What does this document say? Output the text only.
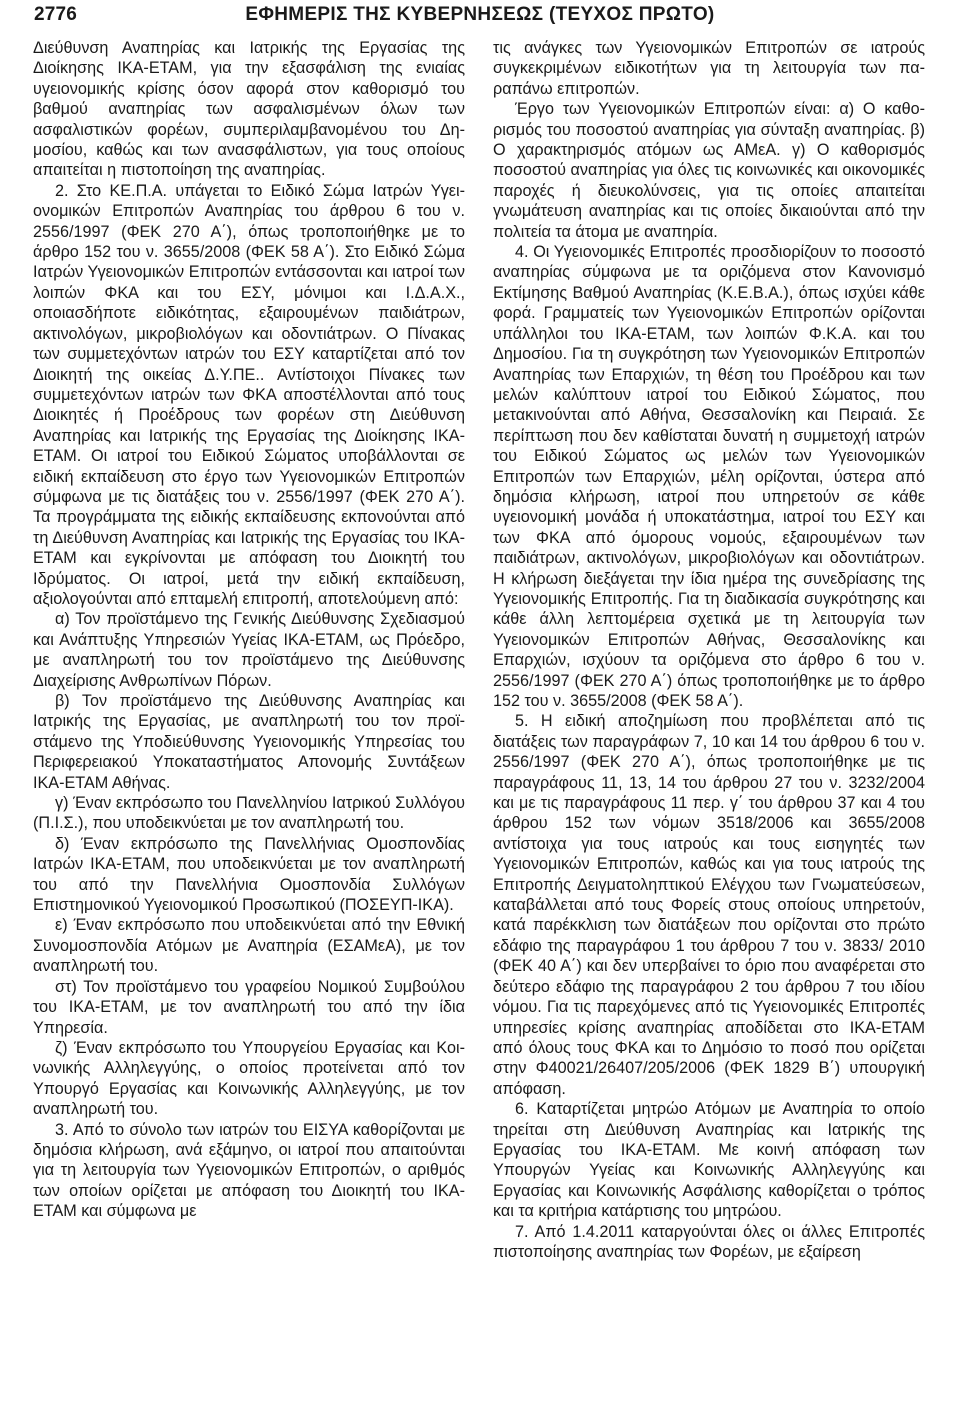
2776	ΕΦΗΜΕΡΙΣ ΤΗΣ ΚΥΒΕΡΝΗΣΕΩΣ (ΤΕΥΧΟΣ ΠΡΩΤΟ)

Διεύθυνση Αναπηρίας και Ιατρικής της Εργασίας της Διοίκησης ΙΚΑ-ΕΤΑΜ, για την εξασφάλιση της ενιαίας υγειονομικής κρίσης όσον αφορά στον καθορισμό του βαθμού αναπηρίας των ασφαλισμένων όλων των ασφαλιστικών φορέων, συμπεριλαμβανομένου του Δημοσίου, καθώς και των ανασφάλιστων, για τους οποίους απαιτείται η πιστοποίηση της αναπηρίας.

2. Στο ΚΕ.Π.Α. υπάγεται το Ειδικό Σώμα Ιατρών Υγειονομικών Επιτροπών Αναπηρίας του άρθρου 6 του ν. 2556/1997 (ΦΕΚ 270 Α΄), όπως τροποποιήθηκε με το άρθρο 152 του ν. 3655/2008 (ΦΕΚ 58 Α΄). Στο Ειδικό Σώμα Ιατρών Υγειονομικών Επιτροπών εντάσσονται και ιατροί των λοιπών ΦΚΑ και του ΕΣΥ, μόνιμοι και Ι.Δ.Α.Χ., οποιασδήποτε ειδικότητας, εξαιρουμένων παιδιάτρων, ακτινολόγων, μικροβιολόγων και οδοντιάτρων. Ο Πίνακας των συμμετεχόντων ιατρών του ΕΣΥ καταρτίζεται από τον Διοικητή της οικείας Δ.Υ.ΠΕ.. Αντίστοιχοι Πίνακες των συμμετεχόντων ιατρών των ΦΚΑ αποστέλλονται από τους Διοικητές ή Προέδρους των φορέων στη Διεύθυνση Αναπηρίας και Ιατρικής της Εργασίας της Διοίκησης ΙΚΑ-ΕΤΑΜ. Οι ιατροί του Ειδικού Σώματος υποβάλλονται σε ειδική εκπαίδευση στο έργο των Υγειονομικών Επιτροπών σύμφωνα με τις διατάξεις του ν. 2556/1997 (ΦΕΚ 270 Α΄). Τα προγράμματα της ειδικής εκπαίδευσης εκπονούνται από τη Διεύθυνση Αναπηρίας και Ιατρικής της Εργασίας του ΙΚΑ-ΕΤΑΜ και εγκρίνονται με απόφαση του Διοικητή του Ιδρύματος. Οι ιατροί, μετά την ειδική εκπαίδευση, αξιολογούνται από επταμελή επιτροπή, αποτελούμενη από:

α) Τον προϊστάμενο της Γενικής Διεύθυνσης Σχεδιασμού και Ανάπτυξης Υπηρεσιών Υγείας ΙΚΑ-ΕΤΑΜ, ως Πρόεδρο, με αναπληρωτή του τον προϊστάμενο της Διεύθυνσης Διαχείρισης Ανθρωπίνων Πόρων.

β) Τον προϊστάμενο της Διεύθυνσης Αναπηρίας και Ιατρικής της Εργασίας, με αναπληρωτή του τον προϊστάμενο της Υποδιεύθυνσης Υγειονομικής Υπηρεσίας του Περιφερειακού Υποκαταστήματος Απονομής Συντάξεων ΙΚΑ-ΕΤΑΜ Αθήνας.

γ) Έναν εκπρόσωπο του Πανελληνίου Ιατρικού Συλλόγου (Π.Ι.Σ.), που υποδεικνύεται με τον αναπληρωτή του.

δ) Έναν εκπρόσωπο της Πανελλήνιας Ομοσπονδίας Ιατρών ΙΚΑ-ΕΤΑΜ, που υποδεικνύεται με τον αναπληρωτή του από την Πανελλήνια Ομοσπονδία Συλλόγων Επιστημονικού Υγειονομικού Προσωπικού (ΠΟΣΕΥΠ-ΙΚΑ).

ε) Έναν εκπρόσωπο που υποδεικνύεται από την Εθνική Συνομοσπονδία Ατόμων με Αναπηρία (ΕΣΑΜεΑ), με τον αναπληρωτή του.

στ) Τον προϊστάμενο του γραφείου Νομικού Συμβούλου του ΙΚΑ-ΕΤΑΜ, με τον αναπληρωτή του από την ίδια Υπηρεσία.

ζ) Έναν εκπρόσωπο του Υπουργείου Εργασίας και Κοινωνικής Αλληλεγγύης, ο οποίος προτείνεται από τον Υπουργό Εργασίας και Κοινωνικής Αλληλεγγύης, με τον αναπληρωτή του.

3. Από το σύνολο των ιατρών του ΕΙΣΥΑ καθορίζονται με δημόσια κλήρωση, ανά εξάμηνο, οι ιατροί που απαιτούνται για τη λειτουργία των Υγειονομικών Επιτροπών, ο αριθμός των οποίων ορίζεται με απόφαση του Διοικητή του ΙΚΑ-ΕΤΑΜ και σύμφωνα με

τις ανάγκες των Υγειονομικών Επιτροπών σε ιατρούς συγκεκριμένων ειδικοτήτων για τη λειτουργία των παραπάνω επιτροπών.

Έργο των Υγειονομικών Επιτροπών είναι: α) Ο καθορισμός του ποσοστού αναπηρίας για σύνταξη αναπηρίας. β) Ο χαρακτηρισμός ατόμων ως ΑΜεΑ. γ) Ο καθορισμός ποσοστού αναπηρίας για όλες τις κοινωνικές και οικονομικές παροχές ή διευκολύνσεις, για τις οποίες απαιτείται γνωμάτευση αναπηρίας και τις οποίες δικαιούνται από την πολιτεία τα άτομα με αναπηρία.

4. Οι Υγειονομικές Επιτροπές προσδιορίζουν το ποσοστό αναπηρίας σύμφωνα με τα οριζόμενα στον Κανονισμό Εκτίμησης Βαθμού Αναπηρίας (Κ.Ε.Β.Α.), όπως ισχύει κάθε φορά. Γραμματείς των Υγειονομικών Επιτροπών ορίζονται υπάλληλοι του ΙΚΑ-ΕΤΑΜ, των λοιπών Φ.Κ.Α. και του Δημοσίου. Για τη συγκρότηση των Υγειονομικών Επιτροπών Αναπηρίας των Επαρχιών, τη θέση του Προέδρου και των μελών καλύπτουν ιατροί του Ειδικού Σώματος, που μετακινούνται από Αθήνα, Θεσσαλονίκη και Πειραιά. Σε περίπτωση που δεν καθίσταται δυνατή η συμμετοχή ιατρών του Ειδικού Σώματος ως μελών των Υγειονομικών Επιτροπών των Επαρχιών, μέλη ορίζονται, ύστερα από δημόσια κλήρωση, ιατροί που υπηρετούν σε κάθε υγειονομική μονάδα ή υποκατάστημα, ιατροί του ΕΣΥ και των ΦΚΑ από όμορους νομούς, εξαιρουμένων των παιδιάτρων, ακτινολόγων, μικροβιολόγων και οδοντιάτρων. Η κλήρωση διεξάγεται την ίδια ημέρα της συνεδρίασης της Υγειονομικής Επιτροπής. Για τη διαδικασία συγκρότησης και κάθε άλλη λεπτομέρεια σχετικά με τη λειτουργία των Υγειονομικών Επιτροπών Αθήνας, Θεσσαλονίκης και Επαρχιών, ισχύουν τα οριζόμενα στο άρθρο 6 του ν. 2556/1997 (ΦΕΚ 270 Α΄) όπως τροποποιήθηκε με το άρθρο 152 του ν. 3655/2008 (ΦΕΚ 58 Α΄).

5. Η ειδική αποζημίωση που προβλέπεται από τις διατάξεις των παραγράφων 7, 10 και 14 του άρθρου 6 του ν. 2556/1997 (ΦΕΚ 270 Α΄), όπως τροποποιήθηκε με τις παραγράφους 11, 13, 14 του άρθρου 27 του ν. 3232/2004 και με τις παραγράφους 11 περ. γ΄ του άρθρου 37 και 4 του άρθρου 152 των νόμων 3518/2006 και 3655/2008 αντίστοιχα για τους ιατρούς και τους εισηγητές των Υγειονομικών Επιτροπών, καθώς και για τους ιατρούς της Επιτροπής Δειγματοληπτικού Ελέγχου των Γνωματεύσεων, καταβάλλεται από τους Φορείς στους οποίους υπηρετούν, κατά παρέκκλιση των διατάξεων που ορίζονται στο πρώτο εδάφιο της παραγράφου 1 του άρθρου 7 του ν. 3833/ 2010 (ΦΕΚ 40 Α΄) και δεν υπερβαίνει το όριο που αναφέρεται στο δεύτερο εδάφιο της παραγράφου 2 του άρθρου 7 του ιδίου νόμου. Για τις παρεχόμενες από τις Υγειονομικές Επιτροπές υπηρεσίες κρίσης αναπηρίας αποδίδεται στο ΙΚΑ-ΕΤΑΜ από όλους τους ΦΚΑ και το Δημόσιο το ποσό που ορίζεται στην Φ40021/26407/205/2006 (ΦΕΚ 1829 Β΄) υπουργική απόφαση.

6. Καταρτίζεται μητρώο Ατόμων με Αναπηρία το οποίο τηρείται στη Διεύθυνση Αναπηρίας και Ιατρικής της Εργασίας του ΙΚΑ-ΕΤΑΜ. Με κοινή απόφαση των Υπουργών Υγείας και Κοινωνικής Αλληλεγγύης και Εργασίας και Κοινωνικής Ασφάλισης καθορίζεται ο τρόπος και τα κριτήρια κατάρτισης του μητρώου.

7. Από 1.4.2011 καταργούνται όλες οι άλλες Επιτροπές πιστοποίησης αναπηρίας των Φορέων, με εξαίρεση
